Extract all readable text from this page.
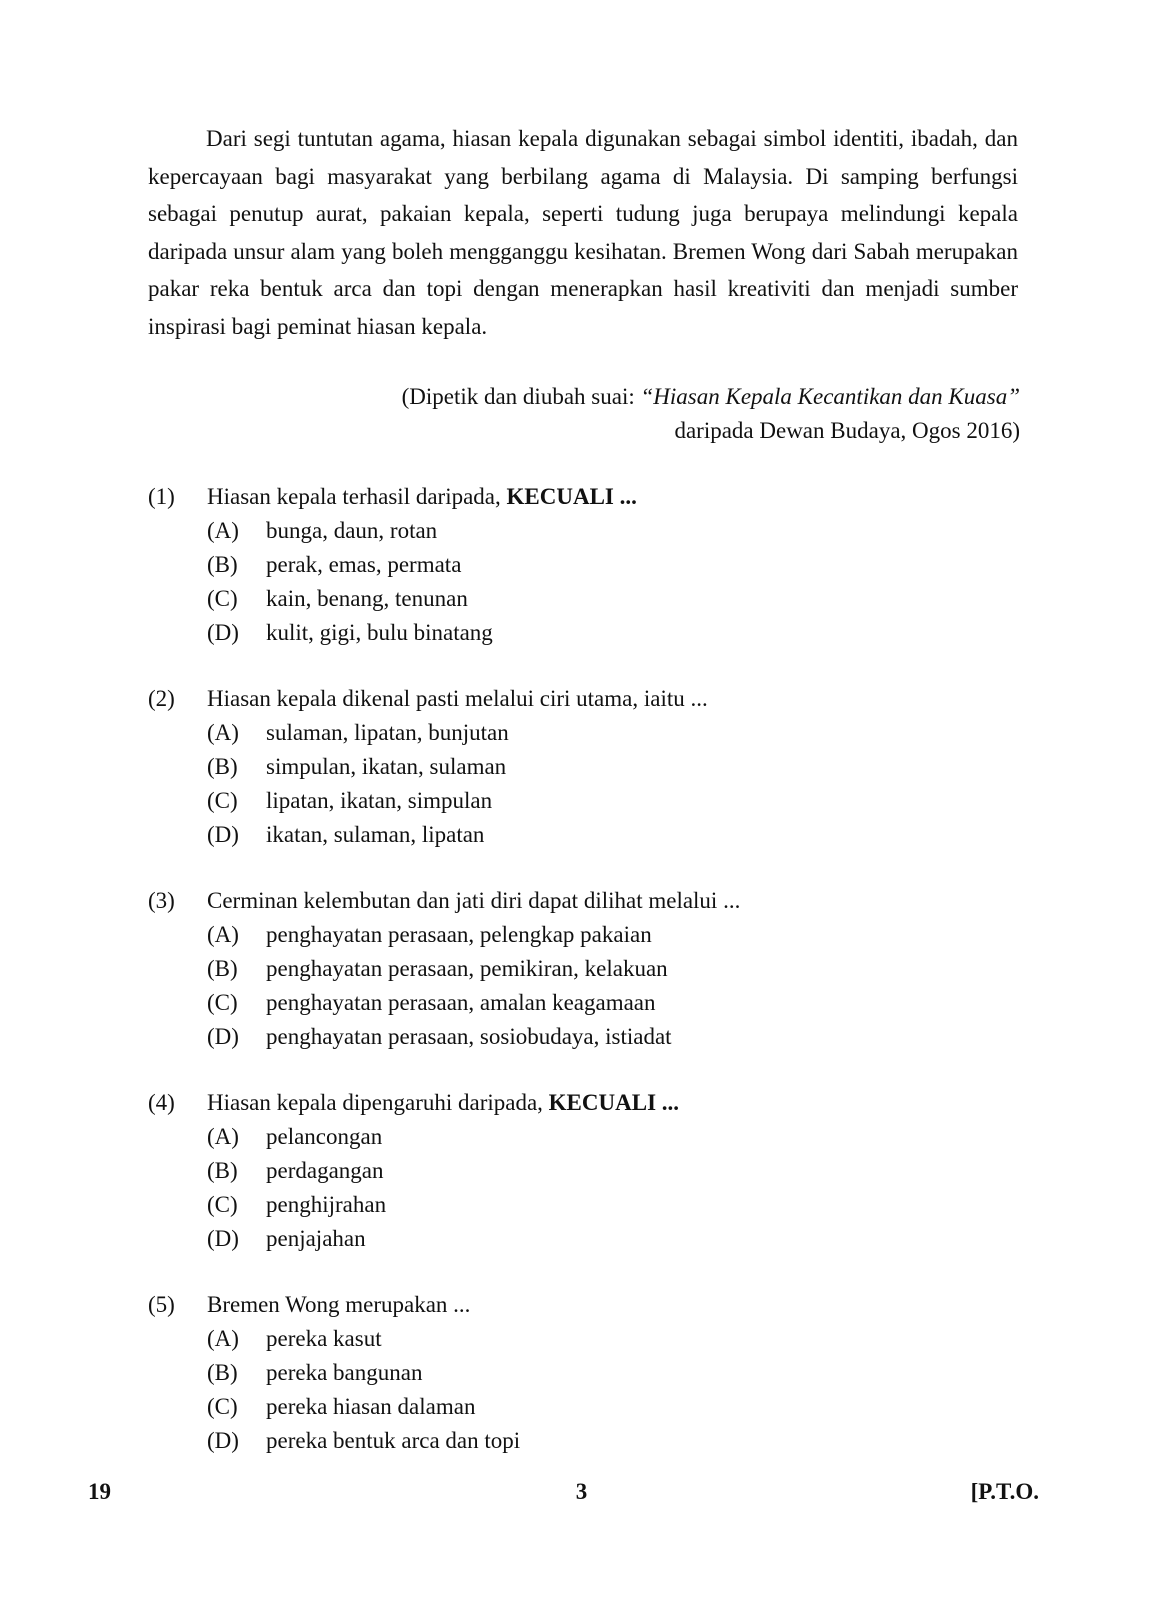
Dari segi tuntutan agama, hiasan kepala digunakan sebagai simbol identiti, ibadah, dan kepercayaan bagi masyarakat yang berbilang agama di Malaysia. Di samping berfungsi sebagai penutup aurat, pakaian kepala, seperti tudung juga berupaya melindungi kepala daripada unsur alam yang boleh mengganggu kesihatan. Bremen Wong dari Sabah merupakan pakar reka bentuk arca dan topi dengan menerapkan hasil kreativiti dan menjadi sumber inspirasi bagi peminat hiasan kepala.

(Dipetik dan diubah suai: “Hiasan Kepala Kecantikan dan Kuasa”
daripada Dewan Budaya, Ogos 2016)
(1)	Hiasan kepala terhasil daripada, KECUALI ...
(A)	bunga, daun, rotan
(B)	perak, emas, permata
(C)	kain, benang, tenunan
(D)	kulit, gigi, bulu binatang
(2)	Hiasan kepala dikenal pasti melalui ciri utama, iaitu ...
(A)	sulaman, lipatan, bunjutan
(B)	simpulan, ikatan, sulaman
(C)	lipatan, ikatan, simpulan
(D)	ikatan, sulaman, lipatan
(3)	Cerminan kelembutan dan jati diri dapat dilihat melalui ...
(A)	penghayatan perasaan, pelengkap pakaian
(B)	penghayatan perasaan, pemikiran, kelakuan
(C)	penghayatan perasaan, amalan keagamaan
(D)	penghayatan perasaan, sosiobudaya, istiadat
(4)	Hiasan kepala dipengaruhi daripada, KECUALI ...
(A)	pelancongan
(B)	perdagangan
(C)	penghijrahan
(D)	penjajahan
(5)	Bremen Wong merupakan ...
(A)	pereka kasut
(B)	pereka bangunan
(C)	pereka hiasan dalaman
(D)	pereka bentuk arca dan topi
19	3	[P.T.O.
